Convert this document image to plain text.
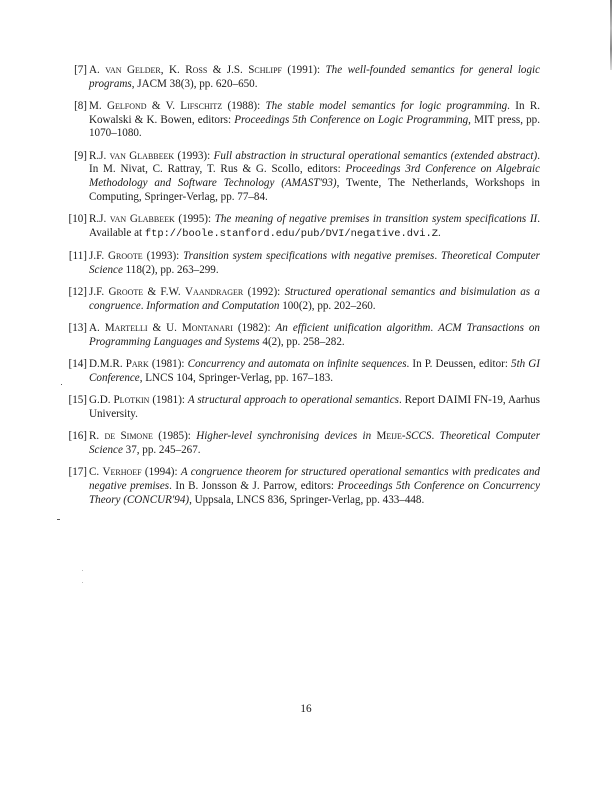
[7] A. van Gelder, K. Ross & J.S. Schlipf (1991): The well-founded semantics for general logic programs, JACM 38(3), pp. 620–650.
[8] M. Gelfond & V. Lifschitz (1988): The stable model semantics for logic programming. In R. Kowalski & K. Bowen, editors: Proceedings 5th Conference on Logic Programming, MIT press, pp. 1070–1080.
[9] R.J. van Glabbeek (1993): Full abstraction in structural operational semantics (extended abstract). In M. Nivat, C. Rattray, T. Rus & G. Scollo, editors: Proceedings 3rd Conference on Algebraic Methodology and Software Technology (AMAST'93), Twente, The Netherlands, Workshops in Computing, Springer-Verlag, pp. 77–84.
[10] R.J. van Glabbeek (1995): The meaning of negative premises in transition system specifications II. Available at ftp://boole.stanford.edu/pub/DVI/negative.dvi.Z.
[11] J.F. Groote (1993): Transition system specifications with negative premises. Theoretical Computer Science 118(2), pp. 263–299.
[12] J.F. Groote & F.W. Vaandrager (1992): Structured operational semantics and bisimulation as a congruence. Information and Computation 100(2), pp. 202–260.
[13] A. Martelli & U. Montanari (1982): An efficient unification algorithm. ACM Transactions on Programming Languages and Systems 4(2), pp. 258–282.
[14] D.M.R. Park (1981): Concurrency and automata on infinite sequences. In P. Deussen, editor: 5th GI Conference, LNCS 104, Springer-Verlag, pp. 167–183.
[15] G.D. Plotkin (1981): A structural approach to operational semantics. Report DAIMI FN-19, Aarhus University.
[16] R. de Simone (1985): Higher-level synchronising devices in Meije-SCCS. Theoretical Computer Science 37, pp. 245–267.
[17] C. Verhoef (1994): A congruence theorem for structured operational semantics with predicates and negative premises. In B. Jonsson & J. Parrow, editors: Proceedings 5th Conference on Concurrency Theory (CONCUR'94), Uppsala, LNCS 836, Springer-Verlag, pp. 433–448.
16
